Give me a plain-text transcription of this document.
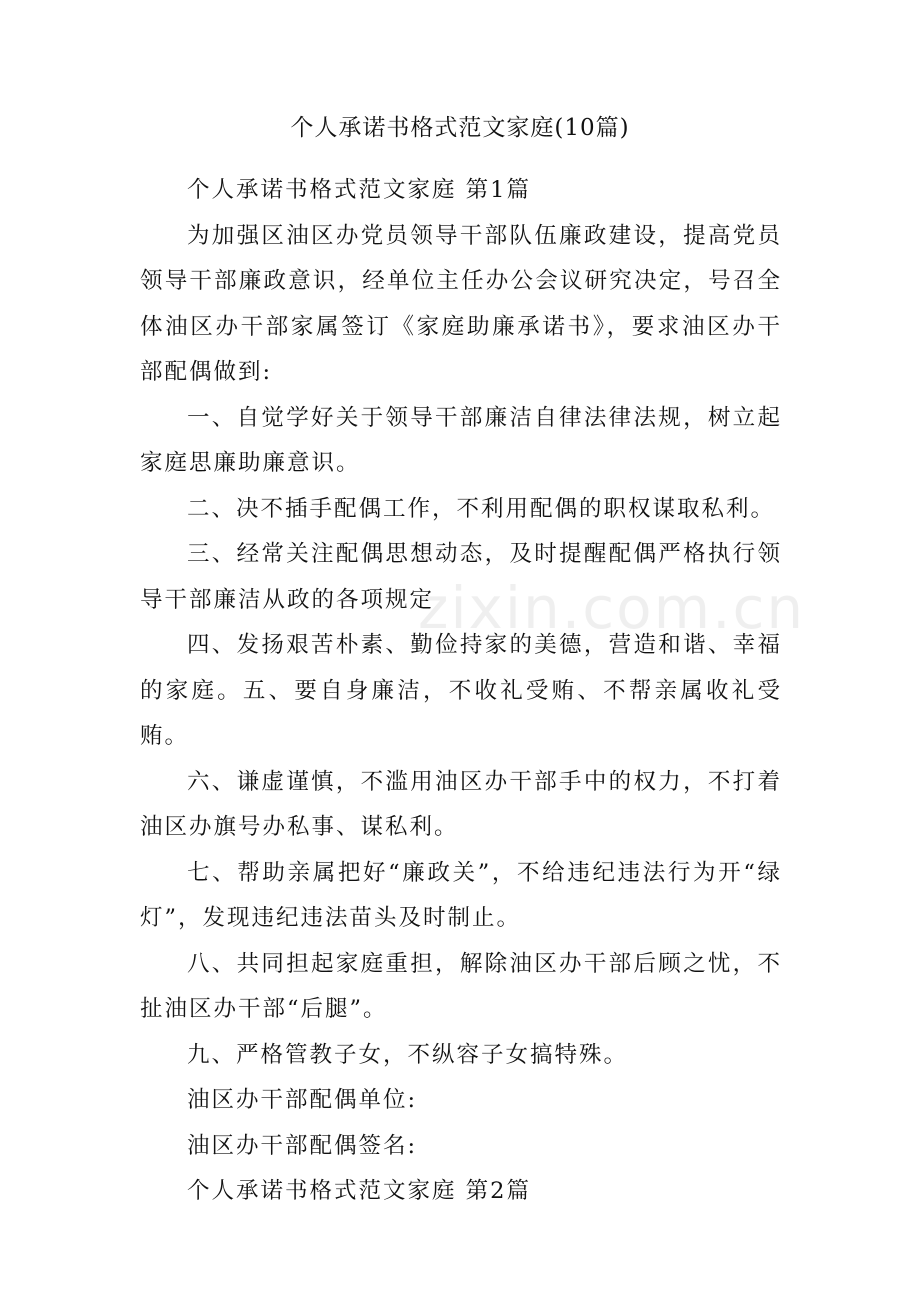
zixin.com.cn
个人承诺书格式范文家庭(10篇)

个人承诺书格式范文家庭 第1篇

为加强区油区办党员领导干部队伍廉政建设，提高党员领导干部廉政意识，经单位主任办公会议研究决定，号召全体油区办干部家属签订《家庭助廉承诺书》，要求油区办干部配偶做到:

一、自觉学好关于领导干部廉洁自律法律法规，树立起家庭思廉助廉意识。

二、决不插手配偶工作，不利用配偶的职权谋取私利。

三、经常关注配偶思想动态，及时提醒配偶严格执行领导干部廉洁从政的各项规定

四、发扬艰苦朴素、勤俭持家的美德，营造和谐、幸福的家庭。五、要自身廉洁，不收礼受贿、不帮亲属收礼受贿。

六、谦虚谨慎，不滥用油区办干部手中的权力，不打着油区办旗号办私事、谋私利。

七、帮助亲属把好“廉政关”，不给违纪违法行为开“绿灯”，发现违纪违法苗头及时制止。

八、共同担起家庭重担，解除油区办干部后顾之忧，不扯油区办干部“后腿”。

九、严格管教子女，不纵容子女搞特殊。

油区办干部配偶单位:

油区办干部配偶签名:

个人承诺书格式范文家庭 第2篇
